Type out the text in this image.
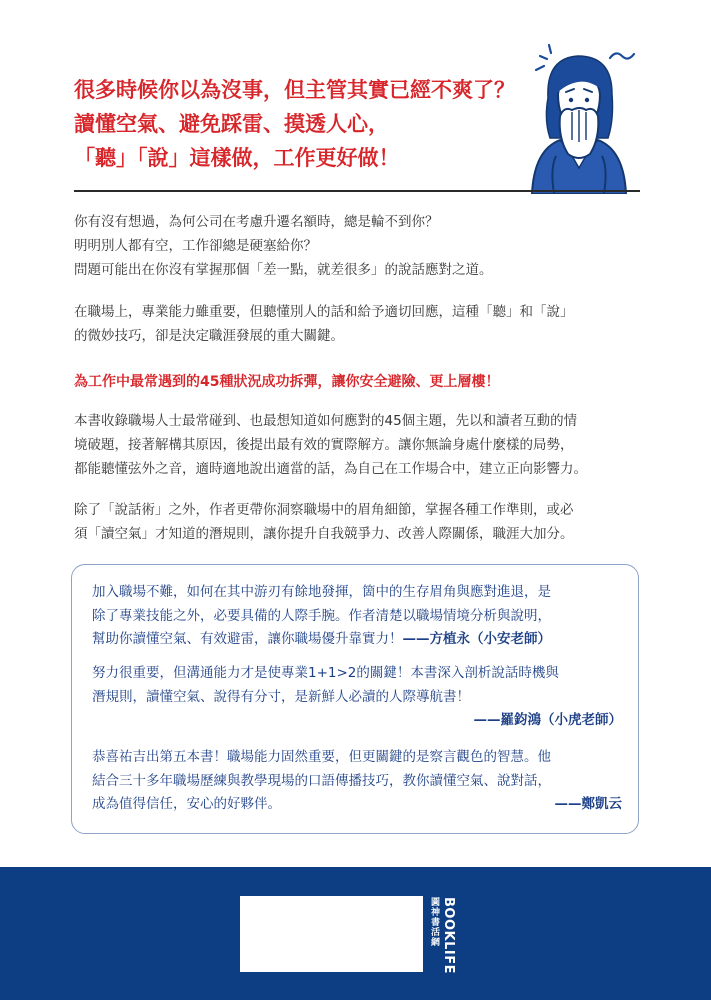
很多時候你以為沒事，但主管其實已經不爽了？
讀懂空氣、避免踩雷、摸透人心，
「聽」「說」這樣做，工作更好做！
你有沒有想過，為何公司在考慮升遷名額時，總是輪不到你？
明明別人都有空，工作卻總是硬塞給你？
問題可能出在你沒有掌握那個「差一點，就差很多」的說話應對之道。
在職場上，專業能力雖重要，但聽懂別人的話和給予適切回應，這種「聽」和「說」
的微妙技巧，卻是決定職涯發展的重大關鍵。
為工作中最常遇到的45種狀況成功拆彈，讓你安全避險、更上層樓！
本書收錄職場人士最常碰到、也最想知道如何應對的45個主題，先以和讀者互動的情
境破題，接著解構其原因，後提出最有效的實際解方。讓你無論身處什麼樣的局勢，
都能聽懂弦外之音，適時適地說出適當的話，為自己在工作場合中，建立正向影響力。
除了「說話術」之外，作者更帶你洞察職場中的眉角細節，掌握各種工作準則，或必
須「讀空氣」才知道的潛規則，讓你提升自我競爭力、改善人際關係，職涯大加分。
加入職場不難，如何在其中游刃有餘地發揮，箇中的生存眉角與應對進退，是
除了專業技能之外，必要具備的人際手腕。作者清楚以職場情境分析與說明，
幫助你讀懂空氣、有效避雷，讓你職場優升靠實力！——方植永（小安老師）
努力很重要，但溝通能力才是使專業1+1>2的關鍵！本書深入剖析說話時機與
潛規則，讀懂空氣、說得有分寸，是新鮮人必讀的人際導航書！
——羅鈞鴻（小虎老師）
恭喜祐吉出第五本書！職場能力固然重要，但更關鍵的是察言觀色的智慧。他
結合三十多年職場歷練與教學現場的口語傳播技巧，教你讀懂空氣、說對話，
成為值得信任，安心的好夥伴。	——鄭凱云
圓神書活網 BOOKLIFE
